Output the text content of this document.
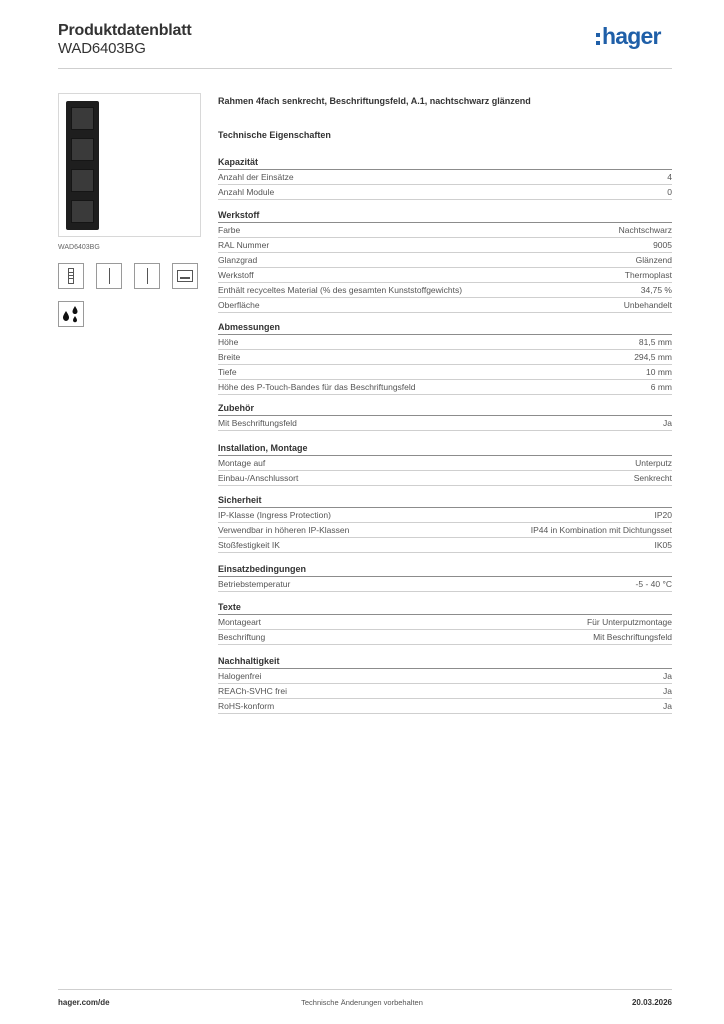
Produktdatenblatt
WAD6403BG	hager
WAD6403BG
Rahmen 4fach senkrecht, Beschriftungsfeld, A.1, nachtschwarz glänzend
Technische Eigenschaften
Kapazität
Anzahl der Einsätze	4
Anzahl Module	0
Werkstoff
Farbe	Nachtschwarz
RAL Nummer	9005
Glanzgrad	Glänzend
Werkstoff	Thermoplast
Enthält recyceltes Material (% des gesamten Kunststoffgewichts)	34,75 %
Oberfläche	Unbehandelt
Abmessungen
Höhe	81,5 mm
Breite	294,5 mm
Tiefe	10 mm
Höhe des P-Touch-Bandes für das Beschriftungsfeld	6 mm
Zubehör
Mit Beschriftungsfeld	Ja
Installation, Montage
Montage auf	Unterputz
Einbau-/Anschlussort	Senkrecht
Sicherheit
IP-Klasse (Ingress Protection)	IP20
Verwendbar in höheren IP-Klassen	IP44 in Kombination mit Dichtungsset
Stoßfestigkeit IK	IK05
Einsatzbedingungen
Betriebstemperatur	-5 - 40 °C
Texte
Montageart	Für Unterputzmontage
Beschriftung	Mit Beschriftungsfeld
Nachhaltigkeit
Halogenfrei	Ja
REACh-SVHC frei	Ja
RoHS-konform	Ja
hager.com/de	Technische Änderungen vorbehalten	20.03.2026
